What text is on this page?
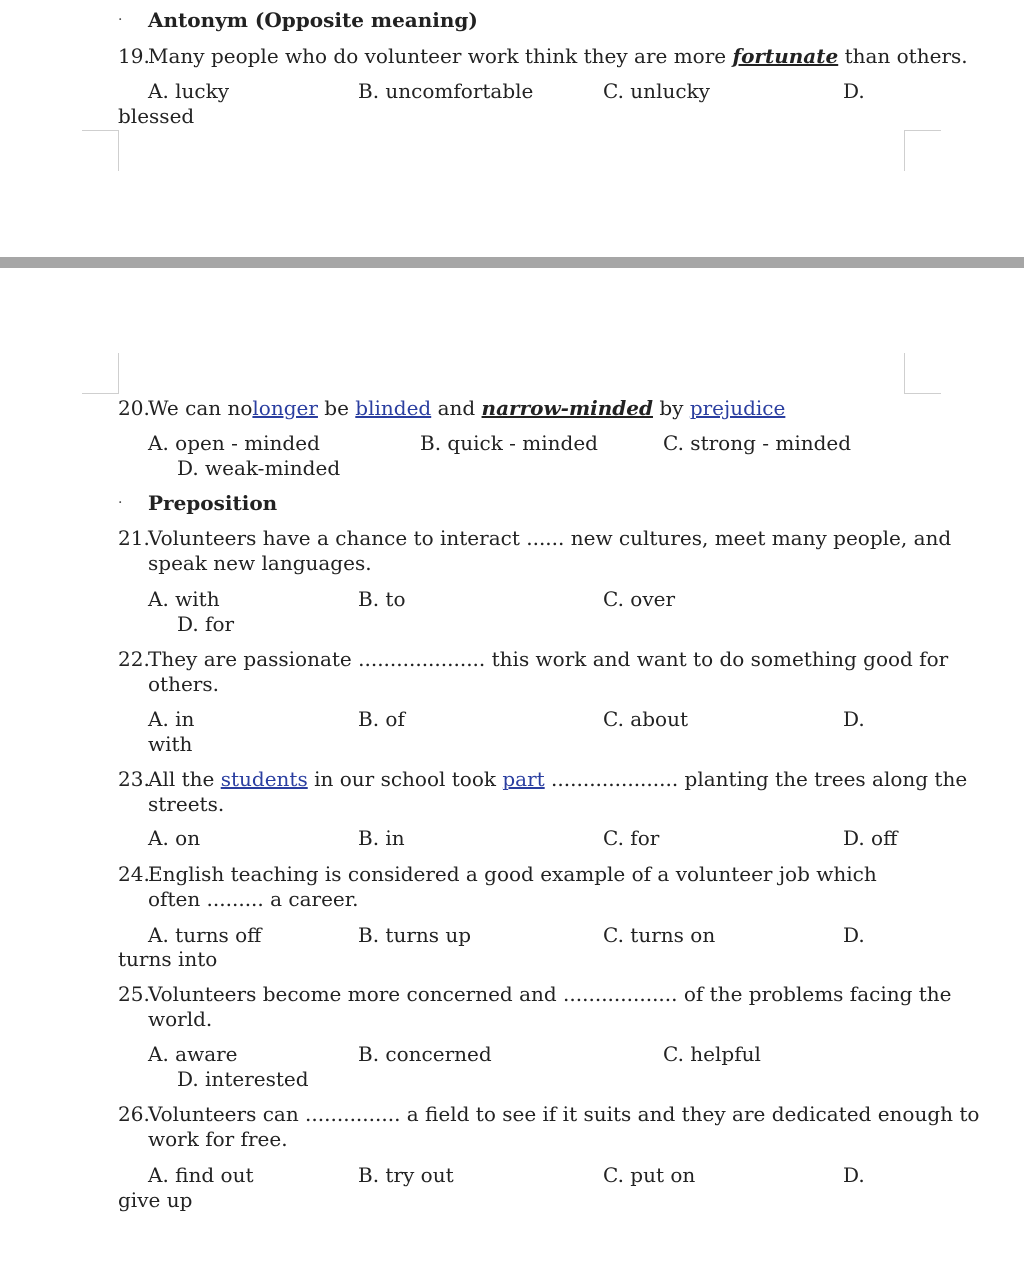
· Antonym (Opposite meaning)
19.
Many people who do volunteer work think they are more fortunate than others.
A. lucky	B. uncomfortable	C. unlucky	D.
blessed
20.
We can nolonger be blinded and narrow-minded by prejudice
A. open - minded	B. quick - minded	C. strong - minded
D. weak-minded
· Preposition
21.
Volunteers have a chance to interact ...... new cultures, meet many people, and
speak new languages.
A. with	B. to	C. over
D. for
22.
They are passionate .................... this work and want to do something good for
others.
A. in	B. of	C. about	D.
with
23.
All the students in our school took part .................... planting the trees along the
streets.
A. on	B. in	C. for	D. off
24.
English teaching is considered a good example of a volunteer job which
often ......... a career.
A. turns off	B. turns up	C. turns on	D.
turns into
25.
Volunteers become more concerned and .................. of the problems facing the
world.
A. aware	B. concerned	C. helpful
D. interested
26.
Volunteers can ............... a field to see if it suits and they are dedicated enough to
work for free.
A. find out	B. try out	C. put on	D.
give up
